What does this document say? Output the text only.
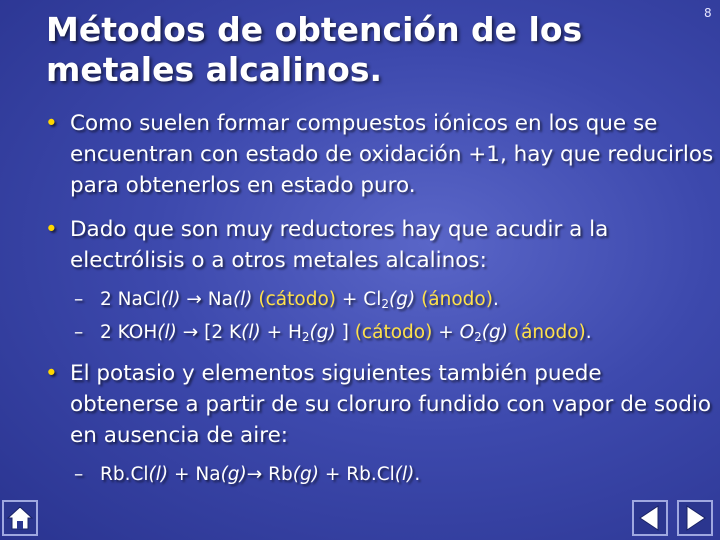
8
Métodos de obtención de los metales alcalinos.
• Como suelen formar compuestos iónicos en los que se encuentran con estado de oxidación +1, hay que reducirlos para obtenerlos en estado puro.
• Dado que son muy reductores hay que acudir a la electrólisis o a otros metales alcalinos:
– 2 NaCl(l) → Na(l) (cátodo) + $Cl_2(g)$ (ánodo).
– 2 KOH(l) → [2 $K(l) + H_2(g)$ ] (cátodo) + $O_2(g)$ (ánodo).
• El potasio y elementos siguientes también puede obtenerse a partir de su cloruro fundido con vapor de sodio en ausencia de aire:
– Rb.Cl(l) + Na(g)→ Rb(g) + Rb.Cl(l).
